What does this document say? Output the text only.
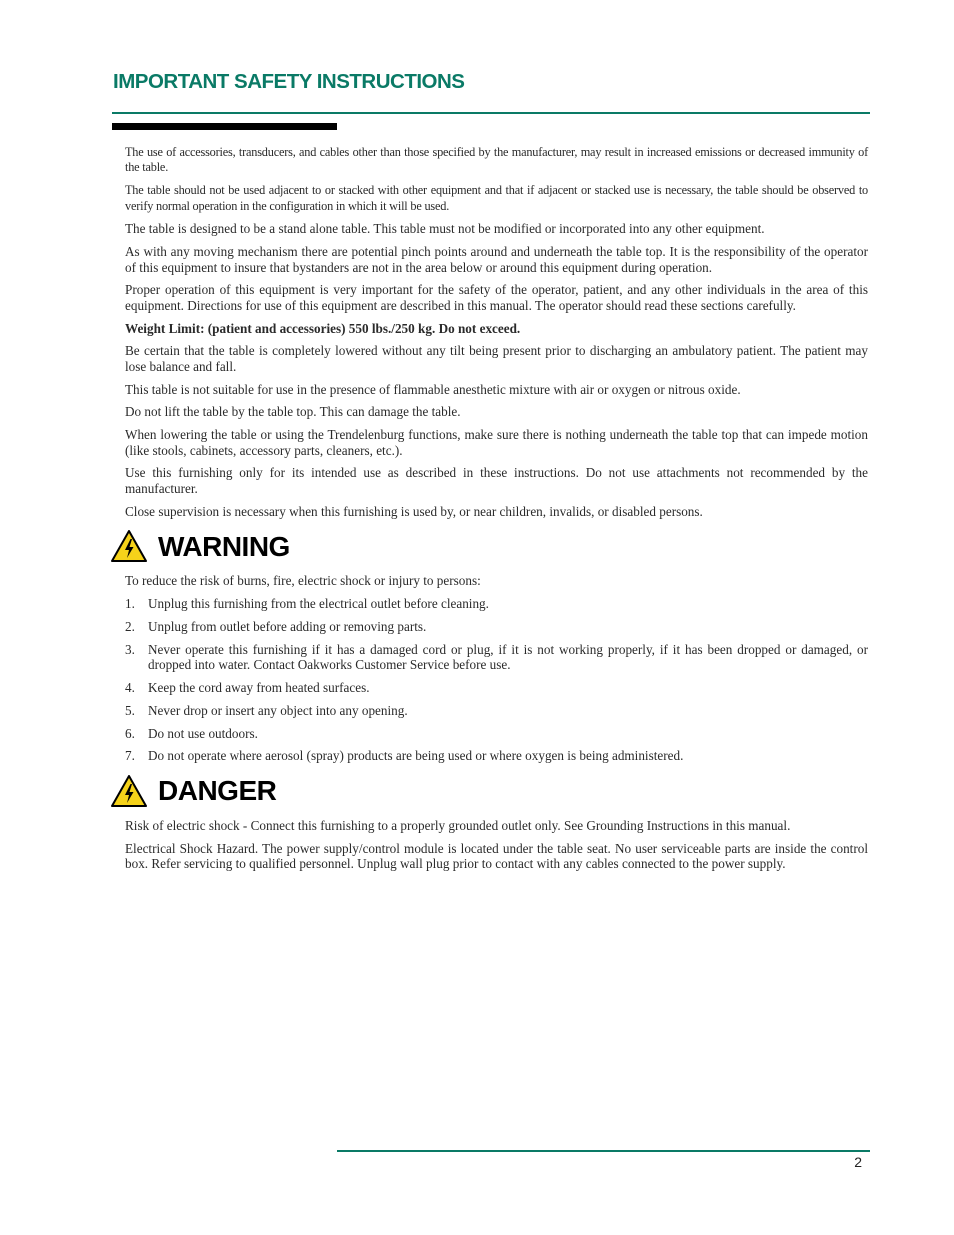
IMPORTANT SAFETY INSTRUCTIONS

The use of accessories, transducers, and cables other than those specified by the manufacturer, may result in increased emissions or decreased immunity of the table.

The table should not be used adjacent to or stacked with other equipment and that if adjacent or stacked use is necessary, the table should be observed to verify normal operation in the configuration in which it will be used.

The table is designed to be a stand alone table. This table must not be modified or incorporated into any other equipment.

As with any moving mechanism there are potential pinch points around and underneath the table top. It is the responsibility of the operator of this equipment to insure that bystanders are not in the area below or around this equipment during operation.

Proper operation of this equipment is very important for the safety of the operator, patient, and any other individuals in the area of this equipment. Directions for use of this equipment are described in this manual. The operator should read these sections carefully.

Weight Limit: (patient and accessories) 550 lbs./250 kg. Do not exceed.

Be certain that the table is completely lowered without any tilt being present prior to discharging an ambulatory patient. The patient may lose balance and fall.

This table is not suitable for use in the presence of flammable anesthetic mixture with air or oxygen or nitrous oxide.

Do not lift the table by the table top. This can damage the table.

When lowering the table or using the Trendelenburg functions, make sure there is nothing underneath the table top that can impede motion (like stools, cabinets, accessory parts, cleaners, etc.).

Use this furnishing only for its intended use as described in these instructions. Do not use attachments not recommended by the manufacturer.

Close supervision is necessary when this furnishing is used by, or near children, invalids, or disabled persons.

WARNING

To reduce the risk of burns, fire, electric shock or injury to persons:

1. Unplug this furnishing from the electrical outlet before cleaning.
2. Unplug from outlet before adding or removing parts.
3. Never operate this furnishing if it has a damaged cord or plug, if it is not working properly, if it has been dropped or damaged, or dropped into water. Contact Oakworks Customer Service before use.
4. Keep the cord away from heated surfaces.
5. Never drop or insert any object into any opening.
6. Do not use outdoors.
7. Do not operate where aerosol (spray) products are being used or where oxygen is being administered.
DANGER

Risk of electric shock - Connect this furnishing to a properly grounded outlet only. See Grounding Instructions in this manual.

Electrical Shock Hazard. The power supply/control module is located under the table seat. No user serviceable parts are inside the control box. Refer servicing to qualified personnel. Unplug wall plug prior to contact with any cables connected to the power supply.

2
